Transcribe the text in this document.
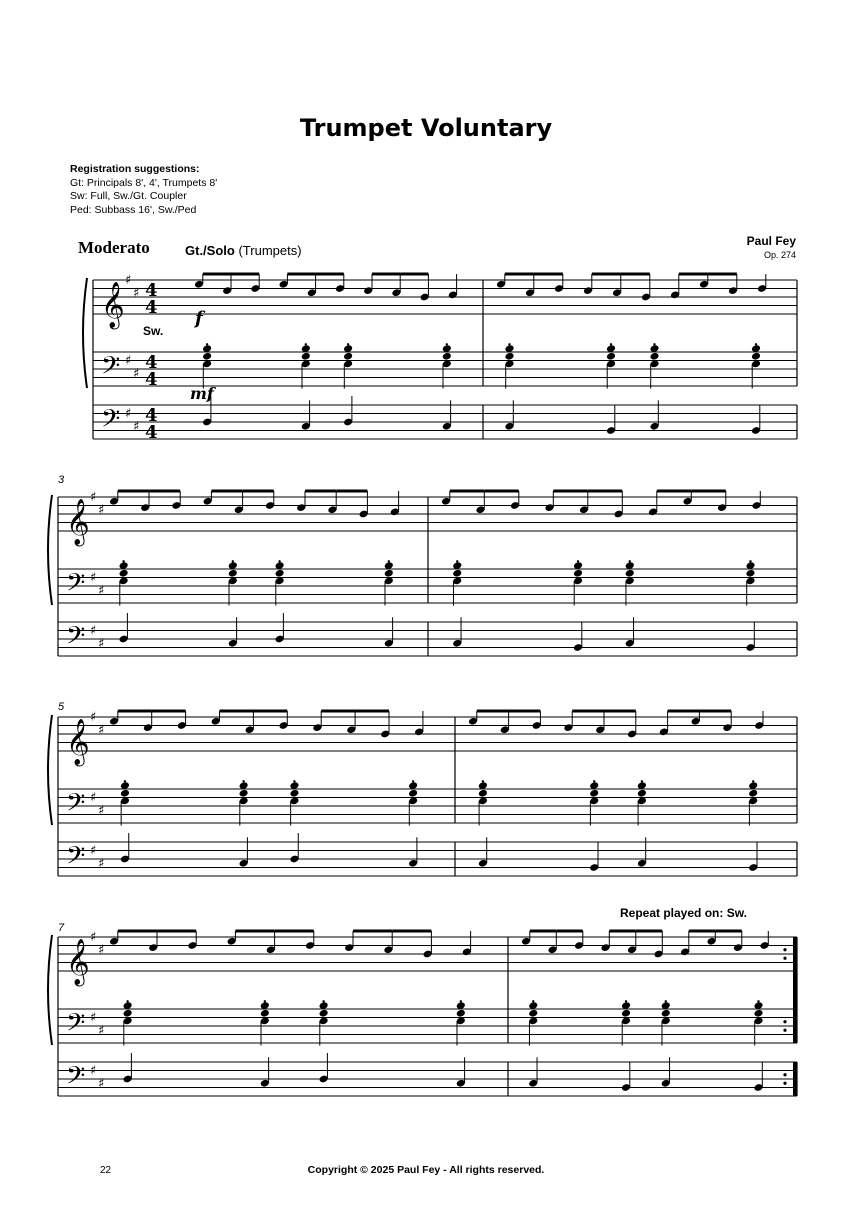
Trumpet Voluntary
Registration suggestions:
Gt: Principals 8', 4', Trumpets 8'
Sw: Full, Sw./Gt. Coupler
Ped: Subbass 16', Sw./Ped
Moderato	Gt./Solo (Trumpets)
Paul Fey
Op. 274
Sw.
f
mf
Repeat played on: Sw.
3
5
7
𝄞
𝄢
𝄢
♯
♯
♯
♯
♯
♯
4
4
4
4
4
4
𝄞
𝄢
𝄢
♯
♯
♯
♯
♯
♯
𝄞
𝄢
𝄢
♯
♯
♯
♯
♯
♯
𝄞
𝄢
𝄢
♯
♯
♯
♯
♯
♯
22	Copyright © 2025 Paul Fey - All rights reserved.
